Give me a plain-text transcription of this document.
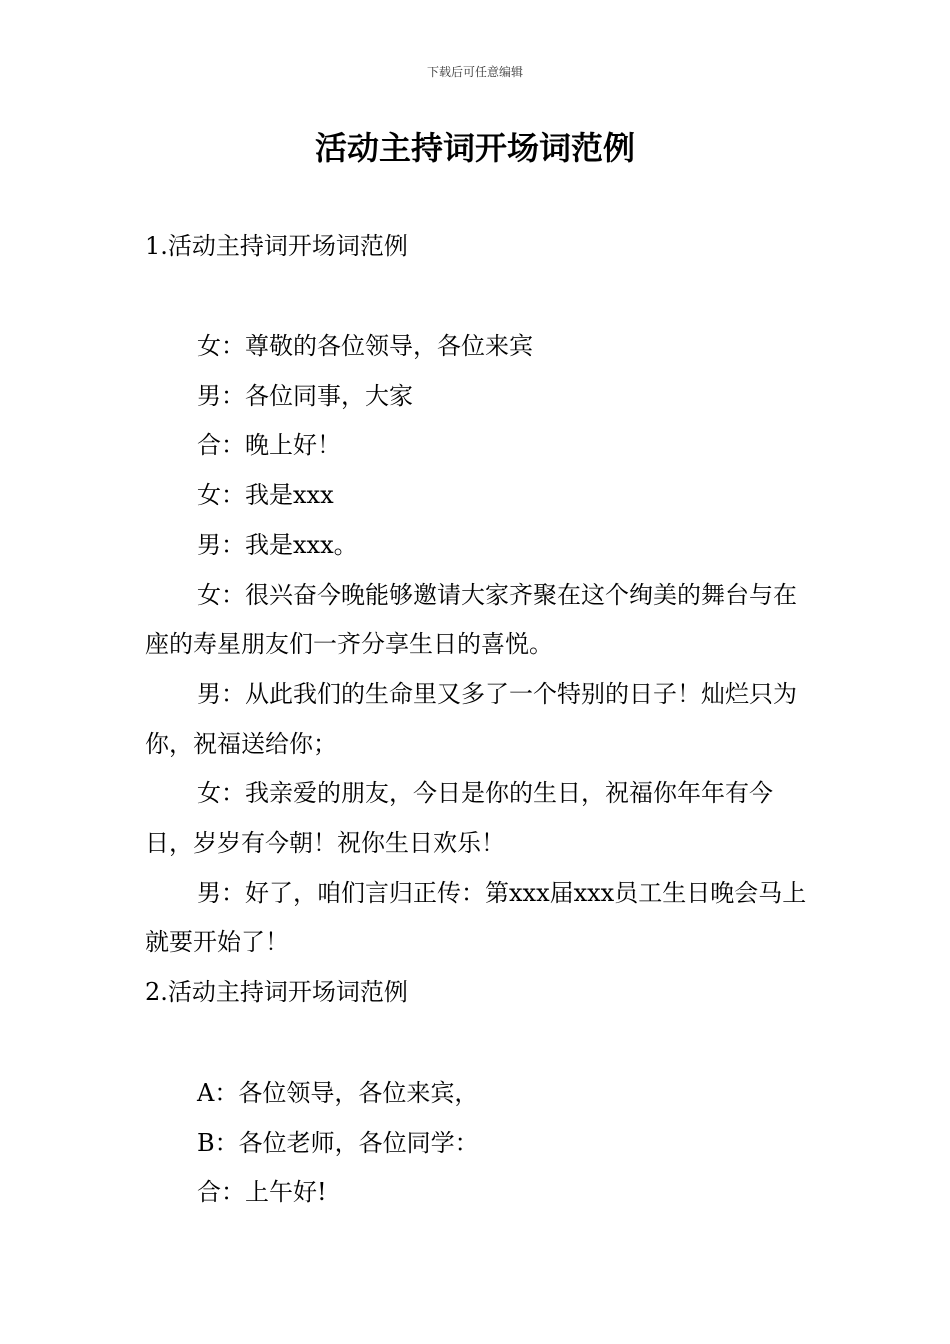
下载后可任意编辑
活动主持词开场词范例

1.活动主持词开场词范例

女：尊敬的各位领导，各位来宾

男：各位同事，大家

合：晚上好！

女：我是xxx

男：我是xxx。

女：很兴奋今晚能够邀请大家齐聚在这个绚美的舞台与在座的寿星朋友们一齐分享生日的喜悦。

男：从此我们的生命里又多了一个特别的日子！灿烂只为你，祝福送给你；

女：我亲爱的朋友，今日是你的生日，祝福你年年有今日，岁岁有今朝！祝你生日欢乐！

男：好了，咱们言归正传：第xxx届xxx员工生日晚会马上就要开始了！

2.活动主持词开场词范例

A：各位领导，各位来宾，

B：各位老师，各位同学：

合：上午好!
